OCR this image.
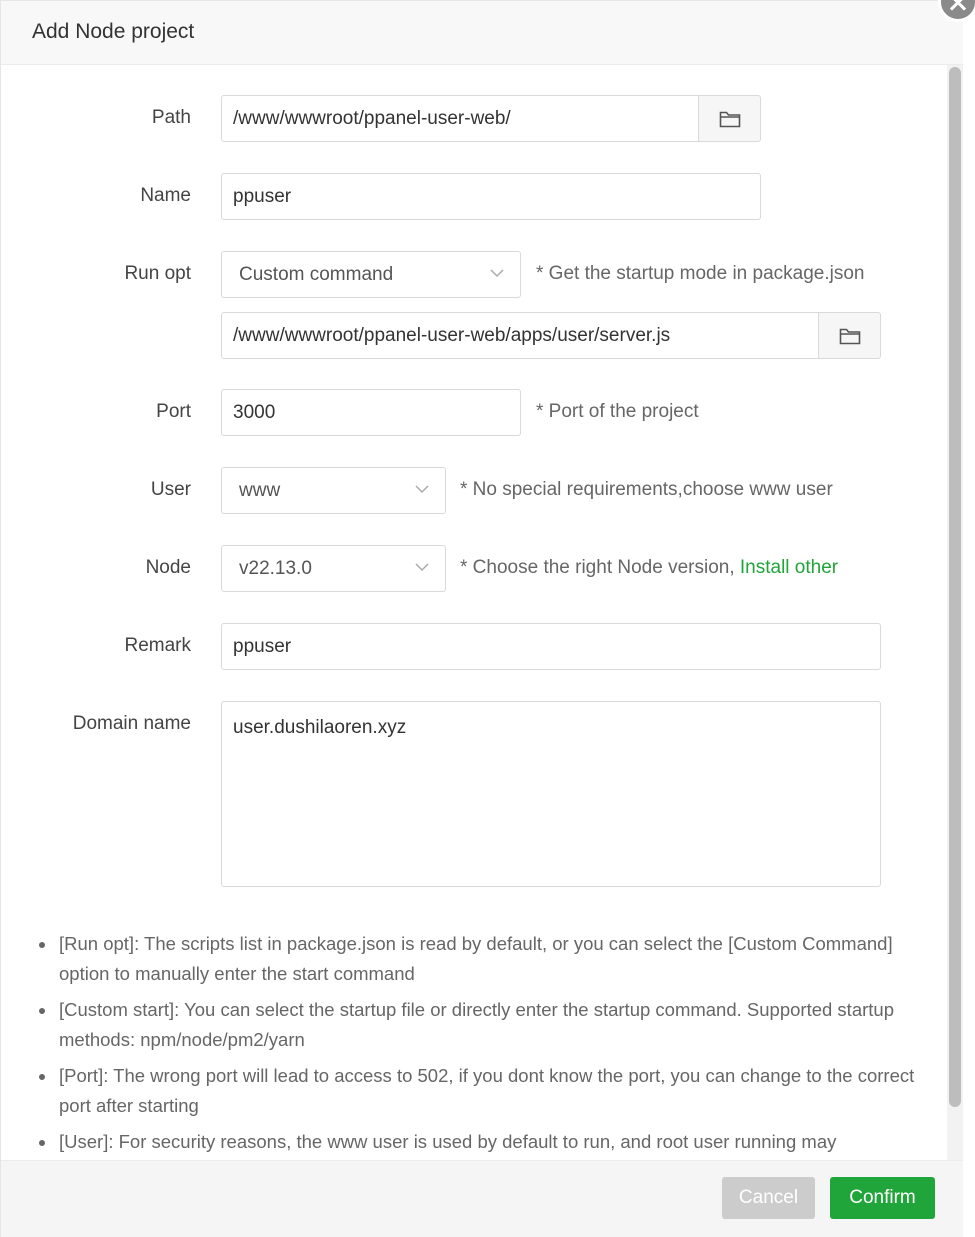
Add Node project
Path	/www/wwwroot/ppanel-user-web/
Name	ppuser
Run opt	Custom command	* Get the startup mode in package.json
/www/wwwroot/ppanel-user-web/apps/user/server.js
Port	3000	* Port of the project
User	www	* No special requirements,choose www user
Node	v22.13.0	* Choose the right Node version, Install other
Remark	ppuser
Domain name	user.dushilaoren.xyz
[Run opt]: The scripts list in package.json is read by default, or you can select the [Custom Command] option to manually enter the start command
[Custom start]: You can select the startup file or directly enter the startup command. Supported startup methods: npm/node/pm2/yarn
[Port]: The wrong port will lead to access to 502, if you dont know the port, you can change to the correct port after starting
[User]: For security reasons, the www user is used by default to run, and root user running may
Cancel	Confirm
